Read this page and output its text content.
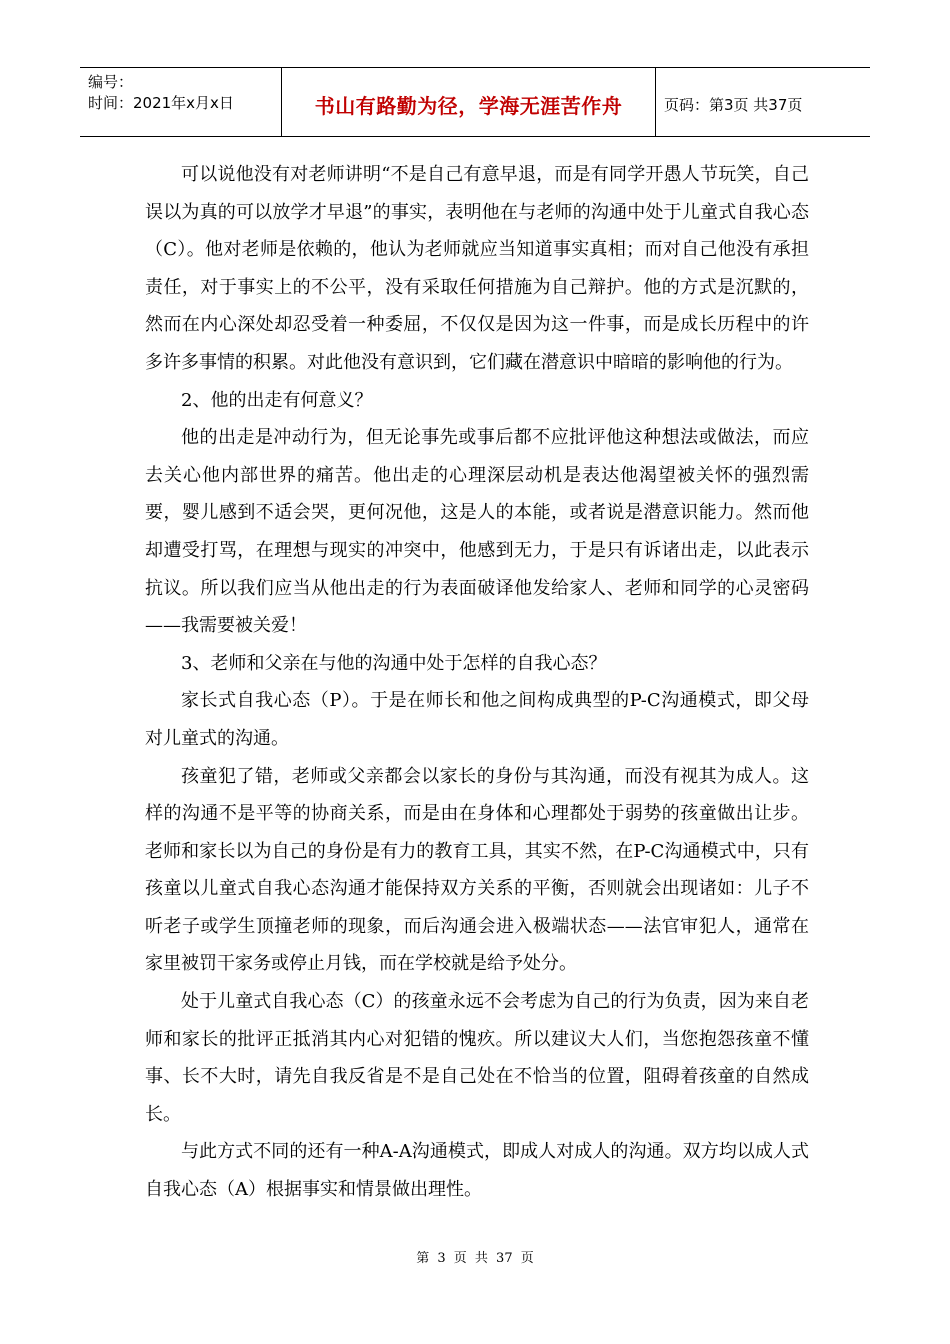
编号：
时间：2021年x月x日	书山有路勤为径，学海无涯苦作舟	页码：第3页 共37页

可以说他没有对老师讲明“不是自己有意早退，而是有同学开愚人节玩笑，自己误以为真的可以放学才早退”的事实，表明他在与老师的沟通中处于儿童式自我心态（C）。他对老师是依赖的，他认为老师就应当知道事实真相；而对自己他没有承担责任，对于事实上的不公平，没有采取任何措施为自己辩护。他的方式是沉默的，然而在内心深处却忍受着一种委屈，不仅仅是因为这一件事，而是成长历程中的许多许多事情的积累。对此他没有意识到，它们藏在潜意识中暗暗的影响他的行为。

2、他的出走有何意义？

他的出走是冲动行为，但无论事先或事后都不应批评他这种想法或做法，而应去关心他内部世界的痛苦。他出走的心理深层动机是表达他渴望被关怀的强烈需要，婴儿感到不适会哭，更何况他，这是人的本能，或者说是潜意识能力。然而他却遭受打骂，在理想与现实的冲突中，他感到无力，于是只有诉诸出走，以此表示抗议。所以我们应当从他出走的行为表面破译他发给家人、老师和同学的心灵密码——我需要被关爱！

3、老师和父亲在与他的沟通中处于怎样的自我心态？

家长式自我心态（P）。于是在师长和他之间构成典型的P-C沟通模式，即父母对儿童式的沟通。

孩童犯了错，老师或父亲都会以家长的身份与其沟通，而没有视其为成人。这样的沟通不是平等的协商关系，而是由在身体和心理都处于弱势的孩童做出让步。老师和家长以为自己的身份是有力的教育工具，其实不然，在P-C沟通模式中，只有孩童以儿童式自我心态沟通才能保持双方关系的平衡，否则就会出现诸如：儿子不听老子或学生顶撞老师的现象，而后沟通会进入极端状态——法官审犯人，通常在家里被罚干家务或停止月钱，而在学校就是给予处分。

处于儿童式自我心态（C）的孩童永远不会考虑为自己的行为负责，因为来自老师和家长的批评正抵消其内心对犯错的愧疚。所以建议大人们，当您抱怨孩童不懂事、长不大时，请先自我反省是不是自己处在不恰当的位置，阻碍着孩童的自然成长。

与此方式不同的还有一种A-A沟通模式，即成人对成人的沟通。双方均以成人式自我心态（A）根据事实和情景做出理性。

第 3 页 共 37 页
